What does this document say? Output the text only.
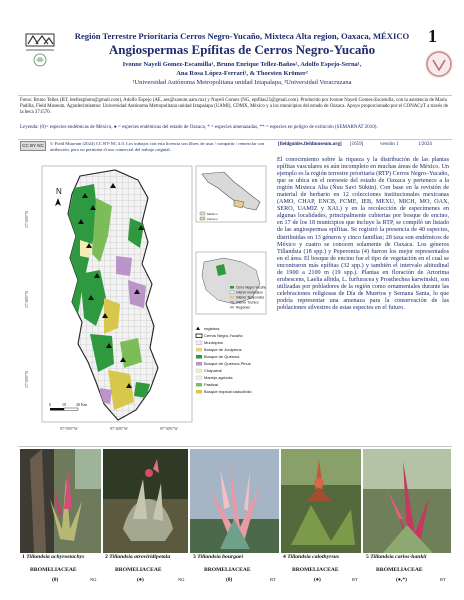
Región Terrestre Prioritaria Cerros Negro-Yucaño, Mixteca Alta region, Oaxaca, MÉXICO	1
Angiospermas Epífitas de Cerros Negro-Yucaño
Ivonne Nayeli Gomez-Escamilla¹, Bruno Enrique Tellez-Baños², Adolfo Espejo-Serna¹,
Ana Rosa López-Ferrari¹, & Thorsten Krömer²
¹Universidad Autónoma Metropolitana unidad Iztapalapa, ²Universidad Veracruzana
Fotos: Bruno Tellez (BT, btellezphoto@gmail.com), Adolfo Espejo (AE, aes@xanum.uam.mx) y Nayeli Gomez (NG, epifitas25@gmail.com). Producido por Ivonne Nayeli Gomez-Escamilla, con la asistencia de María Padilla, Field Museum. Agradecimientos: Universidad Autónoma Metropolitana unidad Iztapalapa (UAMI), CDMX, México y a los municipios del estado de Oaxaca. Apoyo proporcionado por el CONACyT a través de la beca 371570.
Leyenda: (0)= especies endémicas de México, ● = especies endémicas del estado de Oaxaca, * = especies amenazadas, ** = especies en peligro de extinción (SEMARNAT 2010).
CC BY NC	© Field Museum (2024) CC BY-NC 4.0. Los trabajos con esta licencia son libres de usar / compartir / remezclar con atribución, pero no permiten el uso comercial del trabajo original.
[fieldguides.fieldmuseum.org] [1659]	versión 1	1/2024
N
17°50'0"N
17°40'0"N
17°30'0"N
97°50'0"W	97°40'0"W	97°30'0"W
0	10	20 Km
México
Oaxaca
Cerro Negro-Yucaño
Interior municipios
Interior Temporales
Interior Técnico
Regiones
registros
Cerros Negro-Yucaño
Municipios
Bosque de Juniperus
Bosque de Quercus
Bosque de Quercus-Pinus
Chaparral
Manejo agrícola
Pastizal
Bosque tropical caducifolio
El conocimiento sobre la riqueza y la distribución de las plantas epífitas vasculares es aún incompleto en muchas áreas de México. Un ejemplo es la región terrestre prioritaria (RTP) Cerros Negro–Yucaño, que se ubica en el noroeste del estado de Oaxaca y pertenece a la región Mixteca Alta (Ñuu Savi Sükün). Con base en la revisión de material de herbario en 12 colecciones institucionales mexicanas (AMO, CHAP, ENCB, FCME, IEB, MEXU, MICH, MO, OAX, SERO, UAMIZ y XAL) y en la recolección de especímenes en algunas localidades, principalmente cubiertas por bosque de encino, en 17 de los 18 municipios que incluye la RTP, se compiló un listado de las angiospermas epífitas. Se registró la presencia de 40 especies, distribuidas en 13 géneros y cinco familias; 28 taxa son endémicos de México y cuatro se conocen solamente de Oaxaca. Los géneros Tillandsia (18 spp.) y Peperomia (4) fueron los mejor representados en el área. El bosque de encino fue el tipo de vegetación en el cual se encontraron más epífitas (32 spp.) y también el intervalo altitudinal de 1900 a 2100 m (19 spp.). Plantas en floración de Artorima erubescens, Laelia albida, L. furfuracea y Prosthechea karwinskii, son utilizadas por pobladores de la región como ornamentales durante las celebraciones religiosas de Día de Muertos y Semana Santa, lo que podría representar una amenaza para la conservación de las poblaciones silvestres de estas especies en el futuro.
1 Tillandsia achyrostachys
BROMELIACEAE
(0)	NG
2 Tillandsia atroviridipetala
BROMELIACEAE
(●)	NG
3 Tillandsia bourgaei
BROMELIACEAE
(0)	BT
4 Tillandsia calothyrsus
BROMELIACEAE
(●)	BT
5 Tillandsia carlos-hankii
BROMELIACEAE
(●,*)	BT
